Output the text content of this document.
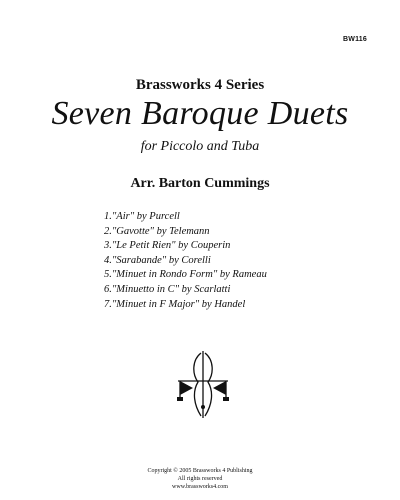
BW116
Brassworks 4 Series
Seven Baroque Duets
for Piccolo and Tuba
Arr. Barton Cummings
1."Air" by Purcell
2."Gavotte" by Telemann
3."Le Petit Rien" by Couperin
4."Sarabande" by Corelli
5."Minuet in Rondo Form" by Rameau
6."Minuetto in C" by Scarlatti
7."Minuet in F Major" by Handel
Copyright © 2005 Brassworks 4 Publishing
All rights reserved
www.brassworks4.com
